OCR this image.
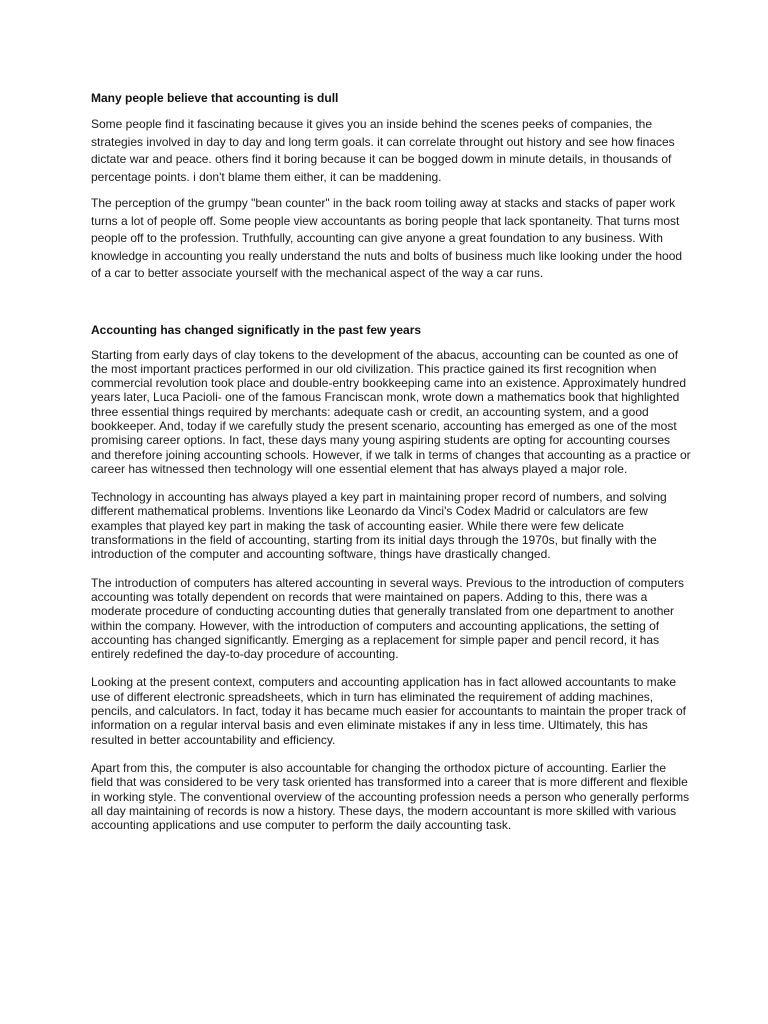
Many people believe that accounting is dull

Some people find it fascinating because it gives you an inside behind the scenes peeks of companies, the strategies involved in day to day and long term goals. it can correlate throught out history and see how finaces dictate war and peace. others find it boring because it can be bogged dowm in minute details, in thousands of percentage points. i don't blame them either, it can be maddening.

The perception of the grumpy "bean counter" in the back room toiling away at stacks and stacks of paper work turns a lot of people off. Some people view accountants as boring people that lack spontaneity. That turns most people off to the profession. Truthfully, accounting can give anyone a great foundation to any business. With knowledge in accounting you really understand the nuts and bolts of business much like looking under the hood of a car to better associate yourself with the mechanical aspect of the way a car runs.

Accounting has changed significatly in the past few years

Starting from early days of clay tokens to the development of the abacus, accounting can be counted as one of the most important practices performed in our old civilization. This practice gained its first recognition when commercial revolution took place and double-entry bookkeeping came into an existence. Approximately hundred years later, Luca Pacioli- one of the famous Franciscan monk, wrote down a mathematics book that highlighted three essential things required by merchants: adequate cash or credit, an accounting system, and a good bookkeeper. And, today if we carefully study the present scenario, accounting has emerged as one of the most promising career options. In fact, these days many young aspiring students are opting for accounting courses and therefore joining accounting schools. However, if we talk in terms of changes that accounting as a practice or career has witnessed then technology will one essential element that has always played a major role.

Technology in accounting has always played a key part in maintaining proper record of numbers, and solving different mathematical problems. Inventions like Leonardo da Vinci's Codex Madrid or calculators are few examples that played key part in making the task of accounting easier. While there were few delicate transformations in the field of accounting, starting from its initial days through the 1970s, but finally with the introduction of the computer and accounting software, things have drastically changed.

The introduction of computers has altered accounting in several ways. Previous to the introduction of computers accounting was totally dependent on records that were maintained on papers. Adding to this, there was a moderate procedure of conducting accounting duties that generally translated from one department to another within the company. However, with the introduction of computers and accounting applications, the setting of accounting has changed significantly. Emerging as a replacement for simple paper and pencil record, it has entirely redefined the day-to-day procedure of accounting.

Looking at the present context, computers and accounting application has in fact allowed accountants to make use of different electronic spreadsheets, which in turn has eliminated the requirement of adding machines, pencils, and calculators. In fact, today it has became much easier for accountants to maintain the proper track of information on a regular interval basis and even eliminate mistakes if any in less time. Ultimately, this has resulted in better accountability and efficiency.

Apart from this, the computer is also accountable for changing the orthodox picture of accounting. Earlier the field that was considered to be very task oriented has transformed into a career that is more different and flexible in working style. The conventional overview of the accounting profession needs a person who generally performs all day maintaining of records is now a history. These days, the modern accountant is more skilled with various accounting applications and use computer to perform the daily accounting task.
